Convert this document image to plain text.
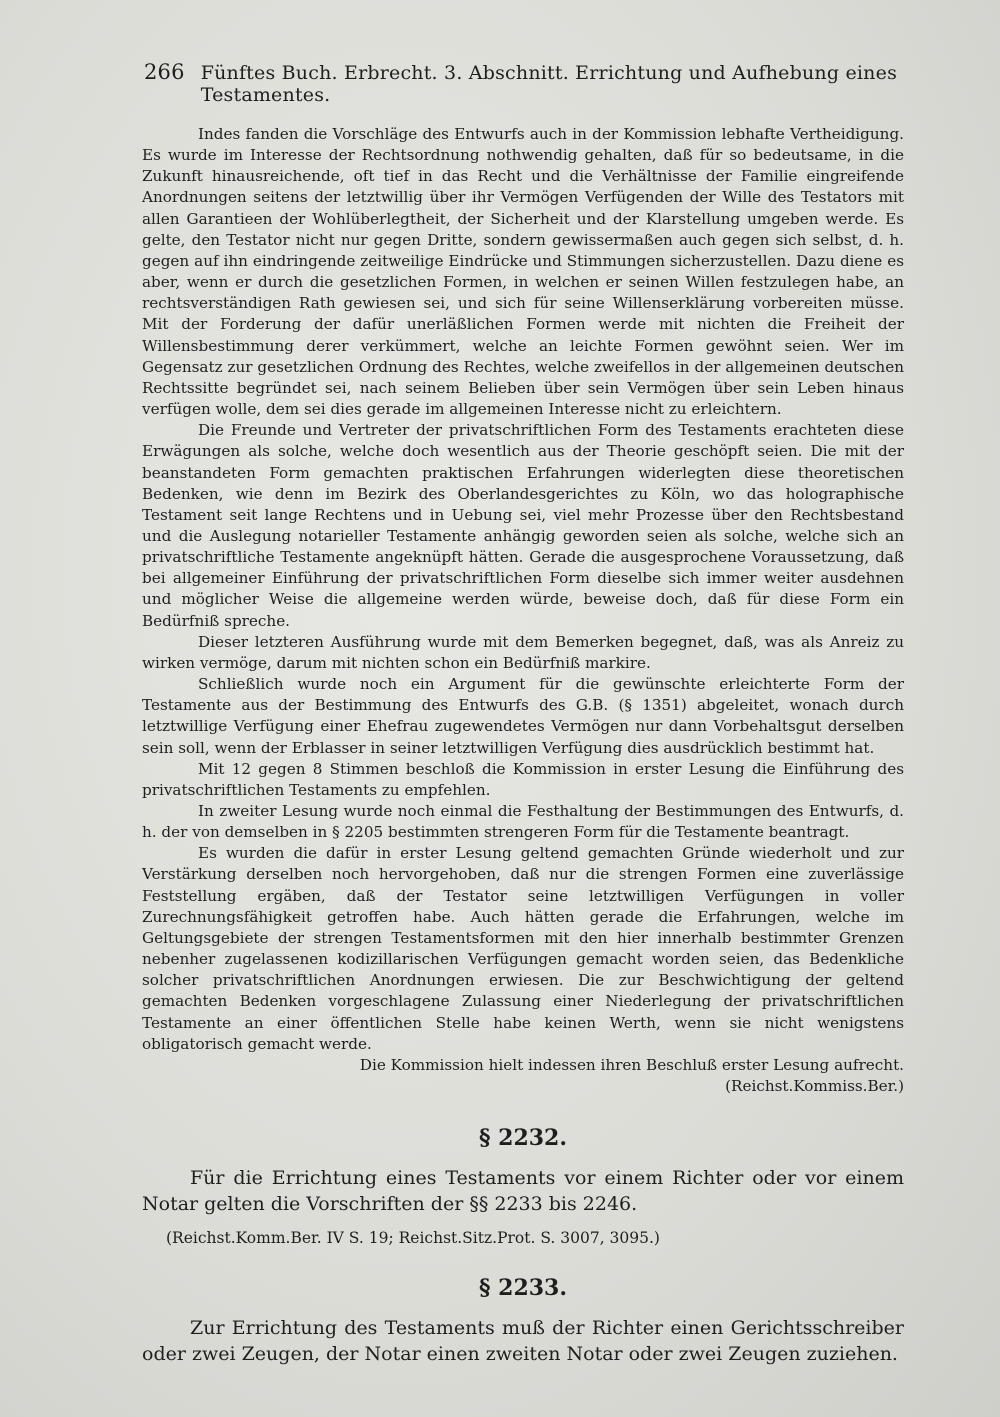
266 Fünftes Buch. Erbrecht. 3. Abschnitt. Errichtung und Aufhebung eines Testamentes.

Indes fanden die Vorschläge des Entwurfs auch in der Kommission lebhafte Vertheidigung. Es wurde im Interesse der Rechtsordnung nothwendig gehalten, daß für so bedeutsame, in die Zukunft hinausreichende, oft tief in das Recht und die Verhältnisse der Familie eingreifende Anordnungen seitens der letztwillig über ihr Vermögen Verfügenden der Wille des Testators mit allen Garantieen der Wohlüberlegtheit, der Sicherheit und der Klarstellung umgeben werde. Es gelte, den Testator nicht nur gegen Dritte, sondern gewissermaßen auch gegen sich selbst, d. h. gegen auf ihn eindringende zeitweilige Eindrücke und Stimmungen sicherzustellen. Dazu diene es aber, wenn er durch die gesetzlichen Formen, in welchen er seinen Willen festzulegen habe, an rechtsverständigen Rath gewiesen sei, und sich für seine Willenserklärung vorbereiten müsse. Mit der Forderung der dafür unerläßlichen Formen werde mit nichten die Freiheit der Willensbestimmung derer verkümmert, welche an leichte Formen gewöhnt seien. Wer im Gegensatz zur gesetzlichen Ordnung des Rechtes, welche zweifellos in der allgemeinen deutschen Rechtssitte begründet sei, nach seinem Belieben über sein Vermögen über sein Leben hinaus verfügen wolle, dem sei dies gerade im allgemeinen Interesse nicht zu erleichtern.

Die Freunde und Vertreter der privatschriftlichen Form des Testaments erachteten diese Erwägungen als solche, welche doch wesentlich aus der Theorie geschöpft seien. Die mit der beanstandeten Form gemachten praktischen Erfahrungen widerlegten diese theoretischen Bedenken, wie denn im Bezirk des Oberlandesgerichtes zu Köln, wo das holographische Testament seit lange Rechtens und in Uebung sei, viel mehr Prozesse über den Rechtsbestand und die Auslegung notarieller Testamente anhängig geworden seien als solche, welche sich an privatschriftliche Testamente angeknüpft hätten. Gerade die ausgesprochene Voraussetzung, daß bei allgemeiner Einführung der privatschriftlichen Form dieselbe sich immer weiter ausdehnen und möglicher Weise die allgemeine werden würde, beweise doch, daß für diese Form ein Bedürfniß spreche.

Dieser letzteren Ausführung wurde mit dem Bemerken begegnet, daß, was als Anreiz zu wirken vermöge, darum mit nichten schon ein Bedürfniß markire.

Schließlich wurde noch ein Argument für die gewünschte erleichterte Form der Testamente aus der Bestimmung des Entwurfs des G.B. (§ 1351) abgeleitet, wonach durch letztwillige Verfügung einer Ehefrau zugewendetes Vermögen nur dann Vorbehaltsgut derselben sein soll, wenn der Erblasser in seiner letztwilligen Verfügung dies ausdrücklich bestimmt hat.

Mit 12 gegen 8 Stimmen beschloß die Kommission in erster Lesung die Einführung des privatschriftlichen Testaments zu empfehlen.

In zweiter Lesung wurde noch einmal die Festhaltung der Bestimmungen des Entwurfs, d. h. der von demselben in § 2205 bestimmten strengeren Form für die Testamente beantragt.

Es wurden die dafür in erster Lesung geltend gemachten Gründe wiederholt und zur Verstärkung derselben noch hervorgehoben, daß nur die strengen Formen eine zuverlässige Feststellung ergäben, daß der Testator seine letztwilligen Verfügungen in voller Zurechnungsfähigkeit getroffen habe. Auch hätten gerade die Erfahrungen, welche im Geltungsgebiete der strengen Testamentsformen mit den hier innerhalb bestimmter Grenzen nebenher zugelassenen kodizillarischen Verfügungen gemacht worden seien, das Bedenkliche solcher privatschriftlichen Anordnungen erwiesen. Die zur Beschwichtigung der geltend gemachten Bedenken vorgeschlagene Zulassung einer Niederlegung der privatschriftlichen Testamente an einer öffentlichen Stelle habe keinen Werth, wenn sie nicht wenigstens obligatorisch gemacht werde.

Die Kommission hielt indessen ihren Beschluß erster Lesung aufrecht. (Reichst.Kommiss.Ber.)

§ 2232.

Für die Errichtung eines Testaments vor einem Richter oder vor einem Notar gelten die Vorschriften der §§ 2233 bis 2246.

(Reichst.Komm.Ber. IV S. 19; Reichst.Sitz.Prot. S. 3007, 3095.)

§ 2233.

Zur Errichtung des Testaments muß der Richter einen Gerichtsschreiber oder zwei Zeugen, der Notar einen zweiten Notar oder zwei Zeugen zuziehen.
